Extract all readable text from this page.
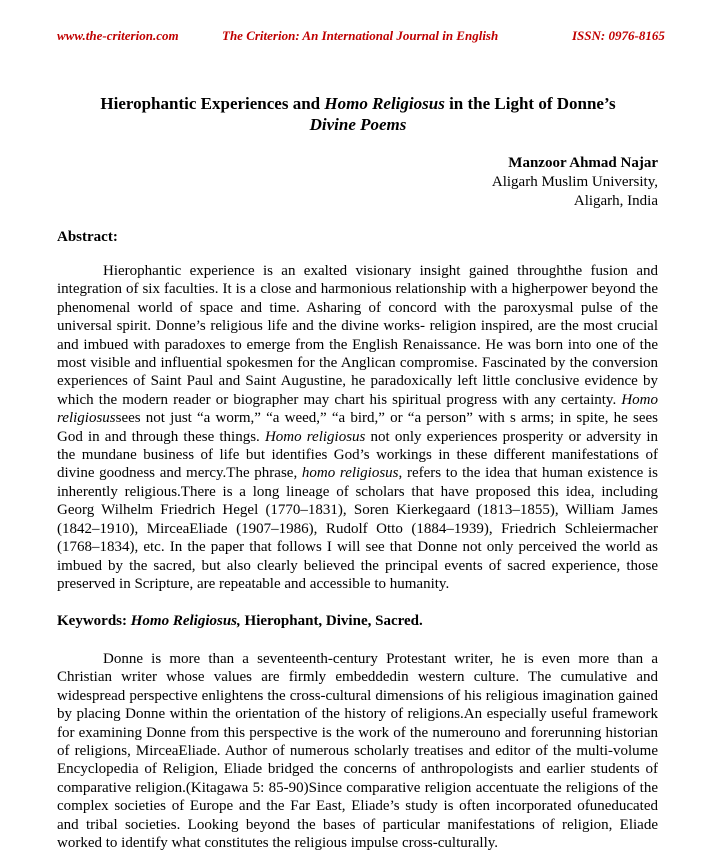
www.the-criterion.com	The Criterion: An International Journal in English	ISSN: 0976-8165
Hierophantic Experiences and Homo Religiosus in the Light of Donne’s
Divine Poems
Manzoor Ahmad Najar
Aligarh Muslim University,
Aligarh, India
Abstract:

Hierophantic experience is an exalted visionary insight gained throughthe fusion and integration of six faculties. It is a close and harmonious relationship with a higherpower beyond the phenomenal world of space and time. Asharing of concord with the paroxysmal pulse of the universal spirit. Donne’s religious life and the divine works- religion inspired, are the most crucial and imbued with paradoxes to emerge from the English Renaissance. He was born into one of the most visible and influential spokesmen for the Anglican compromise. Fascinated by the conversion experiences of Saint Paul and Saint Augustine, he paradoxically left little conclusive evidence by which the modern reader or biographer may chart his spiritual progress with any certainty. Homo religiosussees not just “a worm,” “a weed,” “a bird,” or “a person” with s arms; in spite, he sees God in and through these things. Homo religiosus not only experiences prosperity or adversity in the mundane business of life but identifies God’s workings in these different manifestations of divine goodness and mercy.The phrase, homo religiosus, refers to the idea that human existence is inherently religious.There is a long lineage of scholars that have proposed this idea, including Georg Wilhelm Friedrich Hegel (1770–1831), Soren Kierkegaard (1813–1855), William James (1842–1910), MirceaEliade (1907–1986), Rudolf Otto (1884–1939), Friedrich Schleiermacher (1768–1834), etc. In the paper that follows I will see that Donne not only perceived the world as imbued by the sacred, but also clearly believed the principal events of sacred experience, those preserved in Scripture, are repeatable and accessible to humanity.

Keywords: Homo Religiosus, Hierophant, Divine, Sacred.

Donne is more than a seventeenth-century Protestant writer, he is even more than a Christian writer whose values are firmly embeddedin western culture. The cumulative and widespread perspective enlightens the cross-cultural dimensions of his religious imagination gained by placing Donne within the orientation of the history of religions.An especially useful framework for examining Donne from this perspective is the work of the numerouno and forerunning historian of religions, MirceaEliade. Author of numerous scholarly treatises and editor of the multi-volume Encyclopedia of Religion, Eliade bridged the concerns of anthropologists and earlier students of comparative religion.(Kitagawa 5: 85-90)Since comparative religion accentuate the religions of the complex societies of Europe and the Far East, Eliade’s study is often incorporated ofuneducated and tribal societies. Looking beyond the bases of particular manifestations of religion, Eliade worked to identify what constitutes the religious impulse cross-culturally.
